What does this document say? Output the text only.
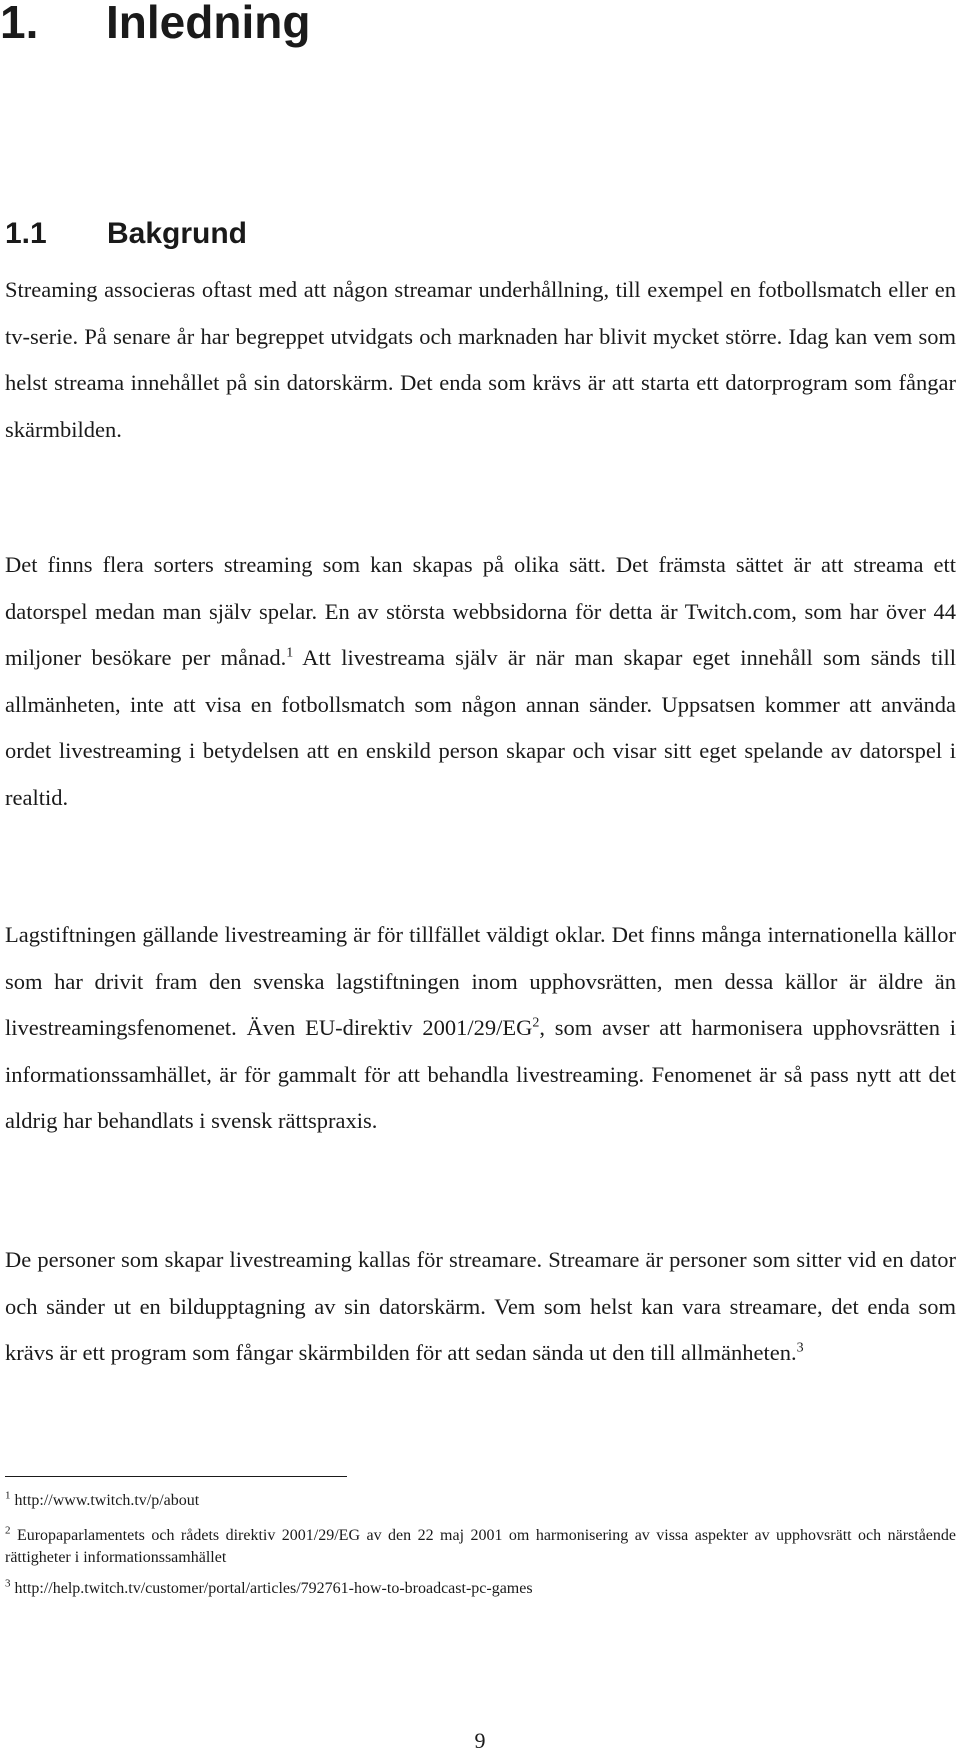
1. Inledning
1.1 Bakgrund

Streaming associeras oftast med att någon streamar underhållning, till exempel en fotbollsmatch eller en tv-serie. På senare år har begreppet utvidgats och marknaden har blivit mycket större. Idag kan vem som helst streama innehållet på sin datorskärm. Det enda som krävs är att starta ett datorprogram som fångar skärmbilden.

Det finns flera sorters streaming som kan skapas på olika sätt. Det främsta sättet är att streama ett datorspel medan man själv spelar. En av största webbsidorna för detta är Twitch.com, som har över 44 miljoner besökare per månad.$^1$ Att livestreama själv är när man skapar eget innehåll som sänds till allmänheten, inte att visa en fotbollsmatch som någon annan sänder. Uppsatsen kommer att använda ordet livestreaming i betydelsen att en enskild person skapar och visar sitt eget spelande av datorspel i realtid.

Lagstiftningen gällande livestreaming är för tillfället väldigt oklar. Det finns många internationella källor som har drivit fram den svenska lagstiftningen inom upphovsrätten, men dessa källor är äldre än livestreamingsfenomenet. Även EU-direktiv $2001/29/EG^2$, som avser att harmonisera upphovsrätten i informationssamhället, är för gammalt för att behandla livestreaming. Fenomenet är så pass nytt att det aldrig har behandlats i svensk rättspraxis.

De personer som skapar livestreaming kallas för streamare. Streamare är personer som sitter vid en dator och sänder ut en bildupptagning av sin datorskärm. Vem som helst kan vara streamare, det enda som krävs är ett program som fångar skärmbilden för att sedan sända ut den till allmänheten.$^3$

$^1$ http://www.twitch.tv/p/about

$^2$ Europaparlamentets och rådets direktiv 2001/29/EG av den 22 maj 2001 om harmonisering av vissa aspekter av upphovsrätt och närstående rättigheter i informationssamhället

$^3$ http://help.twitch.tv/customer/portal/articles/792761-how-to-broadcast-pc-games

9
